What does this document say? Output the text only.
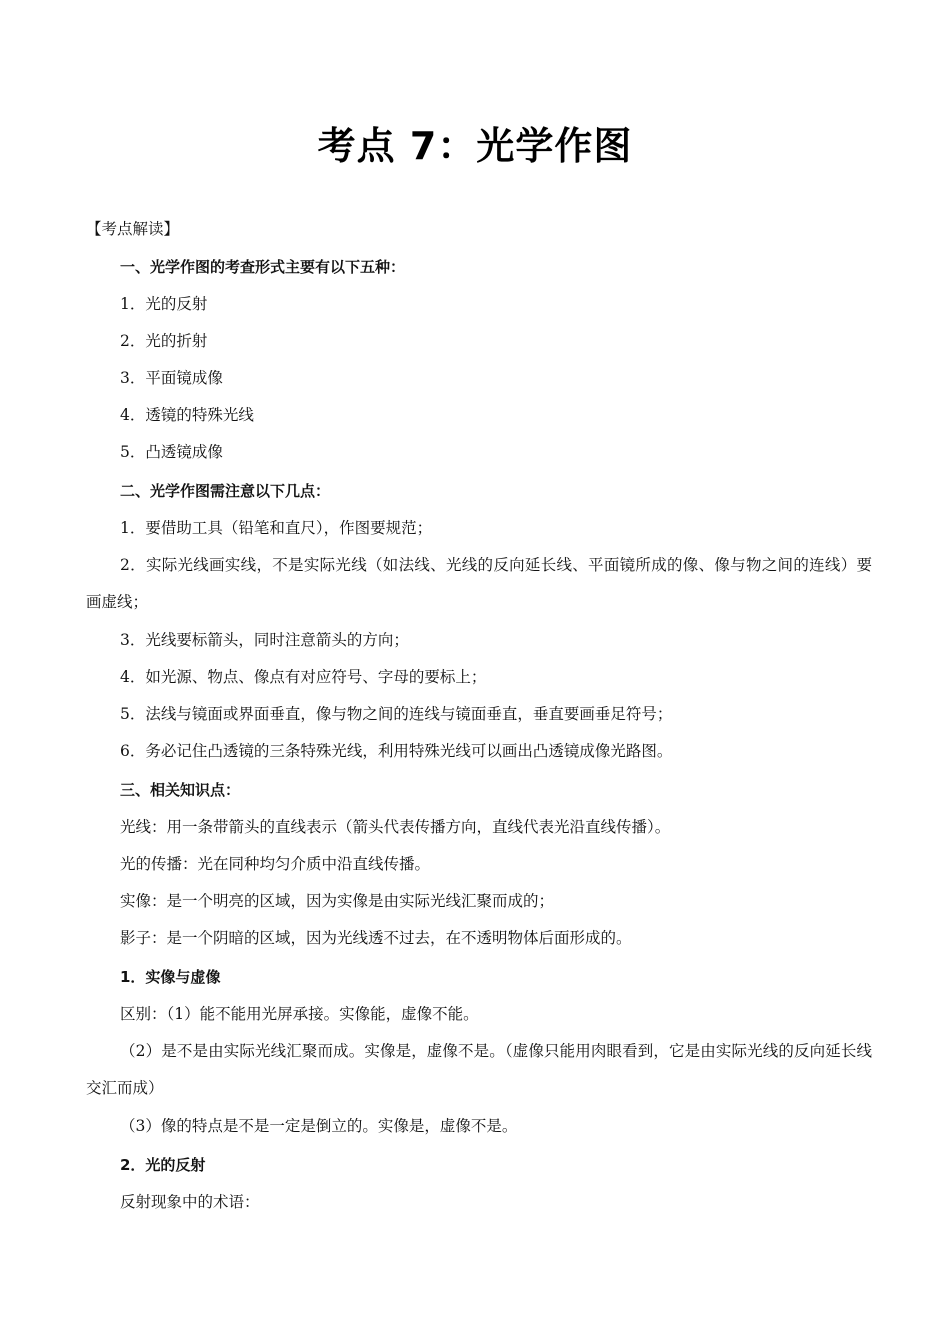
考点 7：光学作图
【考点解读】
一、光学作图的考查形式主要有以下五种：
1．光的反射
2．光的折射
3．平面镜成像
4．透镜的特殊光线
5．凸透镜成像
二、光学作图需注意以下几点：
1．要借助工具（铅笔和直尺），作图要规范；
2．实际光线画实线，不是实际光线（如法线、光线的反向延长线、平面镜所成的像、像与物之间的连线）要画虚线；
3．光线要标箭头，同时注意箭头的方向；
4．如光源、物点、像点有对应符号、字母的要标上；
5．法线与镜面或界面垂直，像与物之间的连线与镜面垂直，垂直要画垂足符号；
6．务必记住凸透镜的三条特殊光线，利用特殊光线可以画出凸透镜成像光路图。
三、相关知识点：
光线：用一条带箭头的直线表示（箭头代表传播方向，直线代表光沿直线传播）。
光的传播：光在同种均匀介质中沿直线传播。
实像：是一个明亮的区域，因为实像是由实际光线汇聚而成的；
影子：是一个阴暗的区域，因为光线透不过去，在不透明物体后面形成的。
1．实像与虚像
区别：（1）能不能用光屏承接。实像能，虚像不能。
（2）是不是由实际光线汇聚而成。实像是，虚像不是。（虚像只能用肉眼看到，它是由实际光线的反向延长线交汇而成）
（3）像的特点是不是一定是倒立的。实像是，虚像不是。
2．光的反射
反射现象中的术语：
